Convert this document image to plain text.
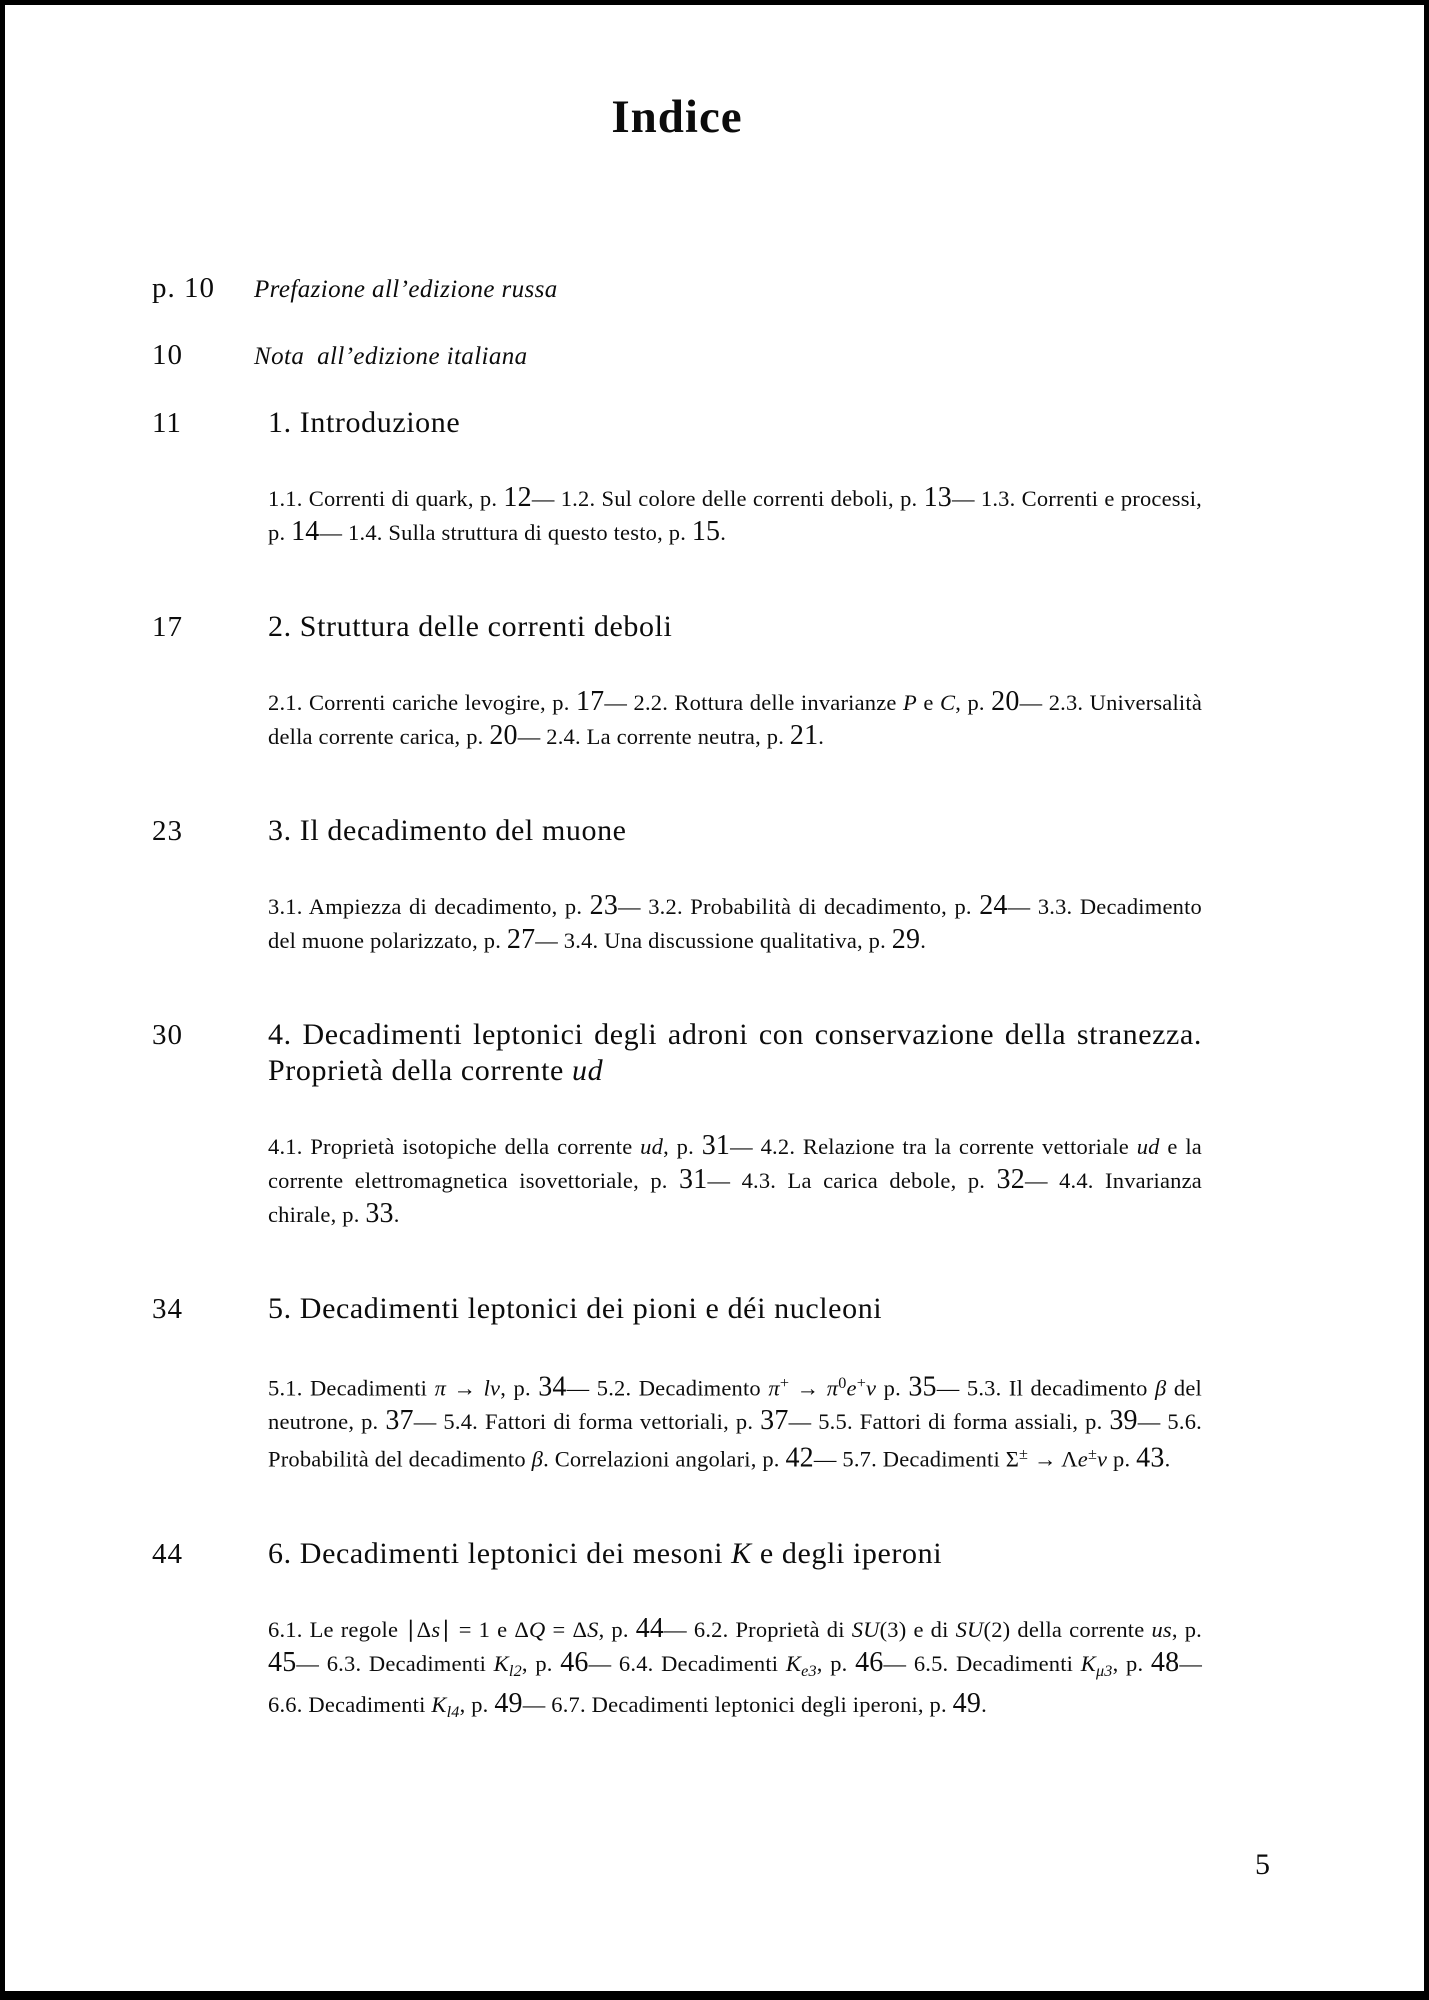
Indice
p. 10	Prefazione all’edizione russa
10	Nota all’edizione italiana
11	1. Introduzione
1.1. Correnti di quark, p. 12— 1.2. Sul colore delle correnti deboli, p. 13— 1.3. Correnti e processi, p. 14— 1.4. Sulla struttura di questo testo, p. 15.
17	2. Struttura delle correnti deboli
2.1. Correnti cariche levogire, p. 17— 2.2. Rottura delle invarianze P e C, p. 20— 2.3. Universalità della corrente carica, p. 20— 2.4. La corrente neutra, p. 21.
23	3. Il decadimento del muone
3.1. Ampiezza di decadimento, p. 23— 3.2. Probabilità di decadimento, p. 24— 3.3. Decadimento del muone polarizzato, p. 27— 3.4. Una discussione qualitativa, p. 29.
30	4. Decadimenti leptonici degli adroni con conservazione della stranezza. Proprietà della corrente ud
4.1. Proprietà isotopiche della corrente ud, p. 31— 4.2. Relazione tra la corrente vettoriale ud e la corrente elettromagnetica isovettoriale, p. 31— 4.3. La carica debole, p. 32— 4.4. Invarianza chirale, p. 33.
34	5. Decadimenti leptonici dei pioni e déi nucleoni
5.1. Decadimenti π → lν, p. 34— 5.2. Decadimento $\pi^+ \to \pi^0e^+\nu$ p. 35— 5.3. Il decadimento β del neutrone, p. 37— 5.4. Fattori di forma vettoriali, p. 37— 5.5. Fattori di forma assiali, p. 39— 5.6. Probabilità del decadimento β. Correlazioni angolari, p. 42— 5.7. Decadimenti Σ± → Λe±ν p. 43.
44	6. Decadimenti leptonici dei mesoni K e degli iperoni
6.1. Le regole ∣Δs∣ = 1 e ΔQ = ΔS, p. 44— 6.2. Proprietà di SU(3) e di SU(2) della corrente us, p. 45— 6.3. Decadimenti $K_{l2}$, p. 46— 6.4. Decadimenti $K_{e3}$, p. 46— 6.5. Decadimenti $K_{\mu 3}$, p. 48— 6.6. Decadimenti $K_{l4}$, p. 49— 6.7. Decadimenti leptonici degli iperoni, p. 49.
5
